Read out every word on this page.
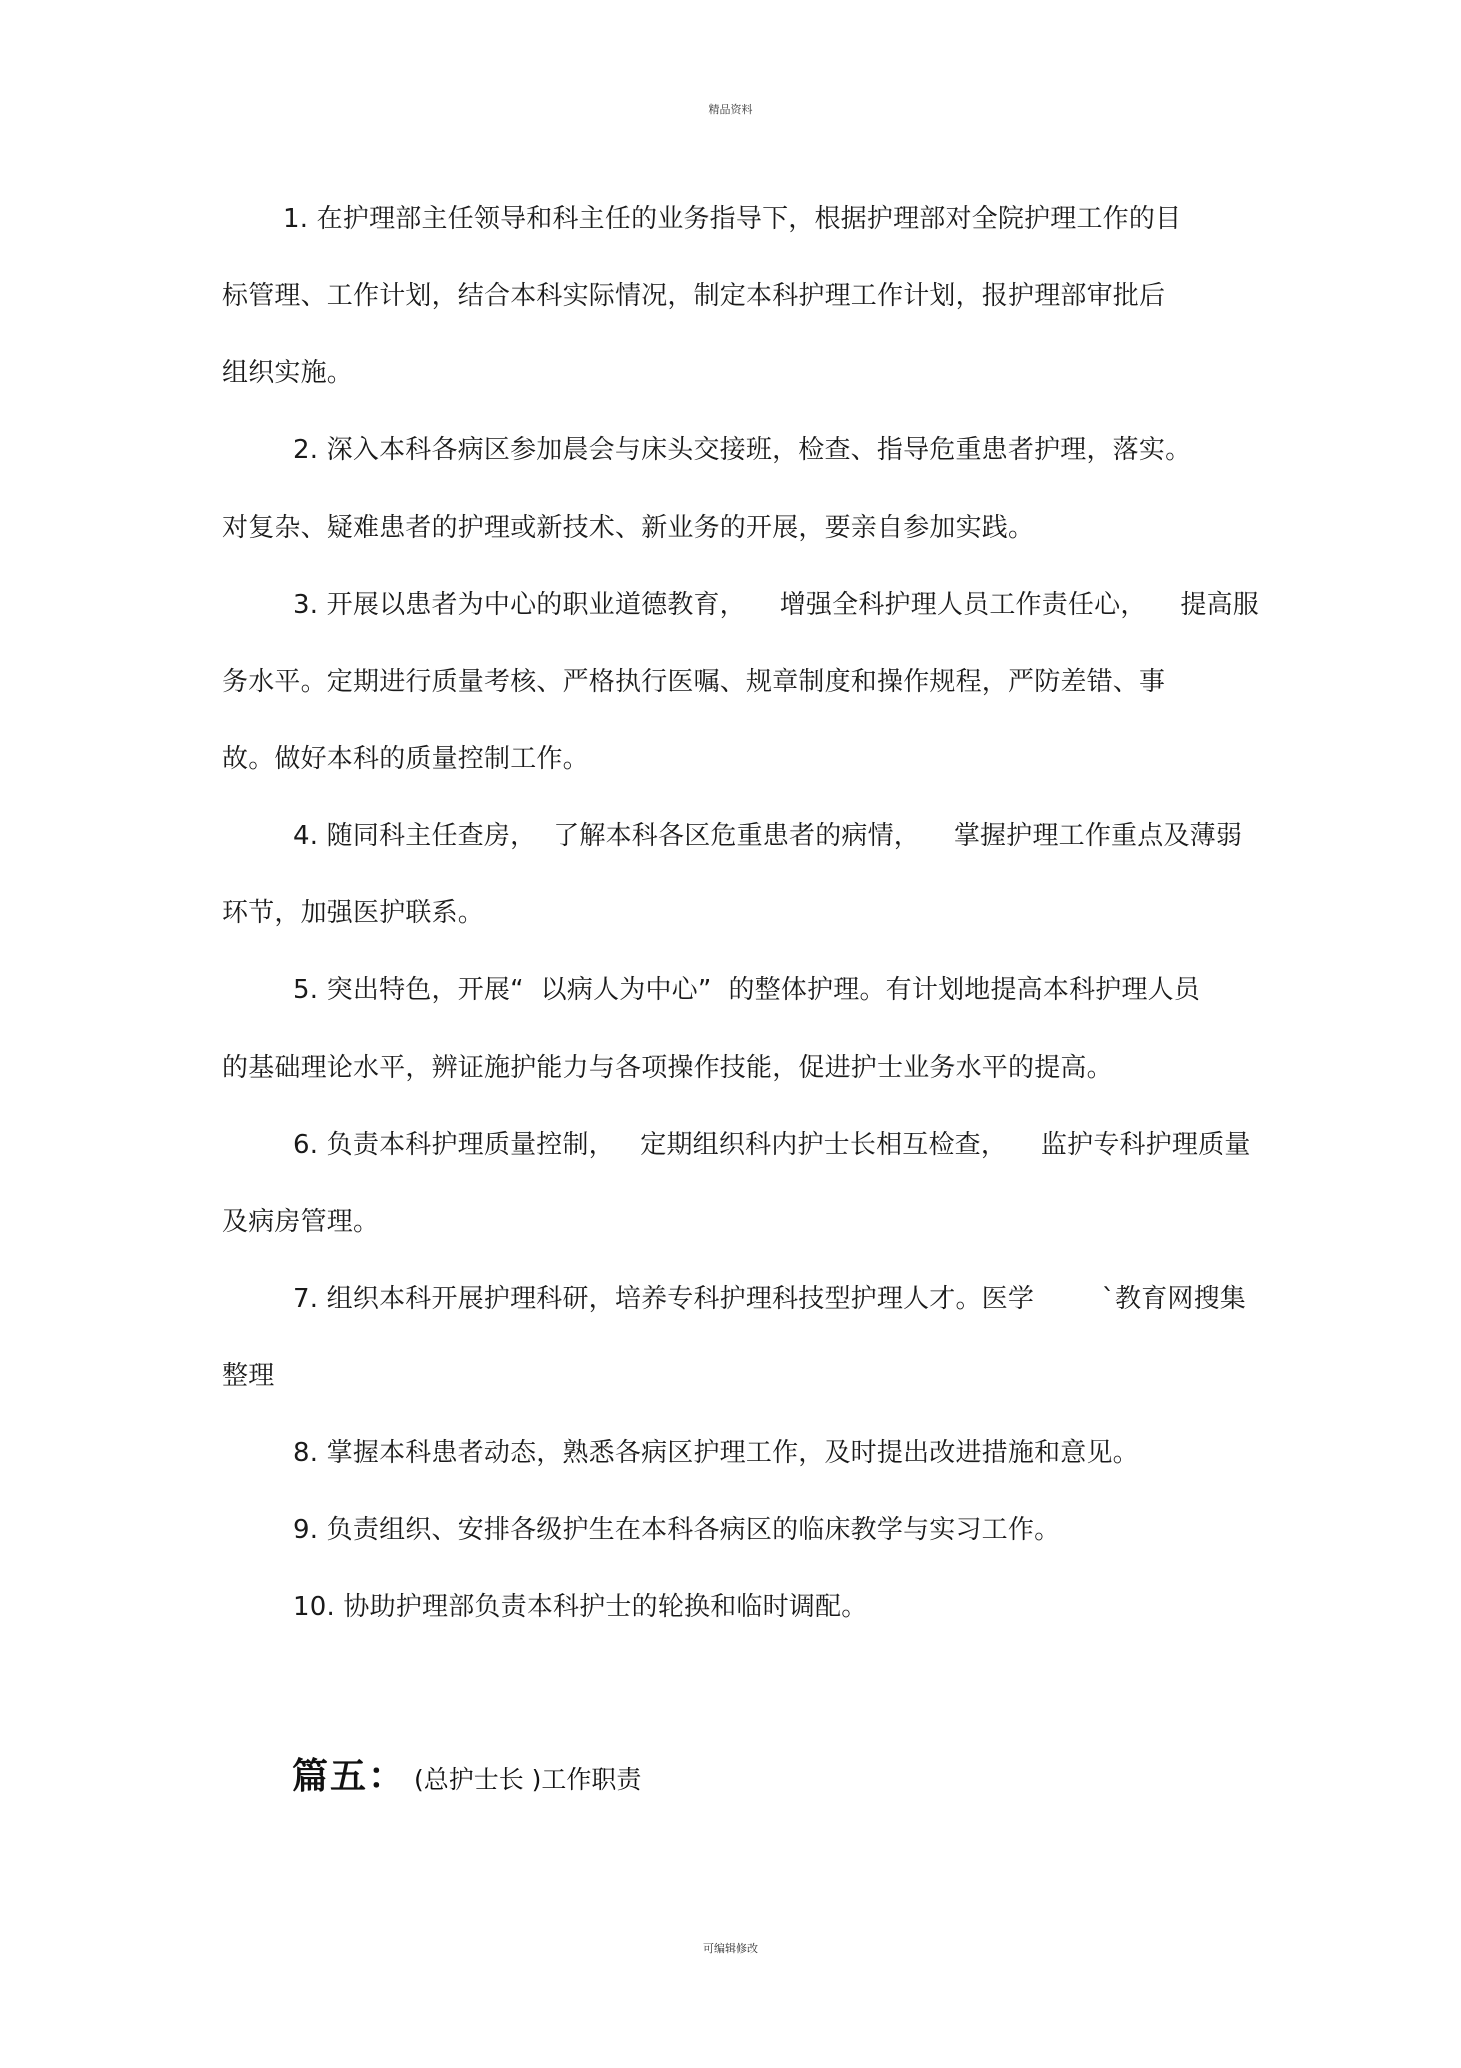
精品资料

1. 在护理部主任领导和科主任的业务指导下，根据护理部对全院护理工作的目

标管理、工作计划，结合本科实际情况，制定本科护理工作计划，报护理部审批后

组织实施。

2. 深入本科各病区参加晨会与床头交接班，检查、指导危重患者护理，落实。

对复杂、疑难患者的护理或新技术、新业务的开展，要亲自参加实践。

3. 开展以患者为中心的职业道德教育，    增强全科护理人员工作责任心，    提高服

务水平。定期进行质量考核、严格执行医嘱、规章制度和操作规程，严防差错、事

故。做好本科的质量控制工作。

4. 随同科主任查房，  了解本科各区危重患者的病情，    掌握护理工作重点及薄弱

环节，加强医护联系。

5. 突出特色，开展“  以病人为中心”  的整体护理。有计划地提高本科护理人员

的基础理论水平，辨证施护能力与各项操作技能，促进护士业务水平的提高。

6. 负责本科护理质量控制，   定期组织科内护士长相互检查，    监护专科护理质量

及病房管理。

7. 组织本科开展护理科研，培养专科护理科技型护理人才。医学        `教育网搜集

整理

8. 掌握本科患者动态，熟悉各病区护理工作，及时提出改进措施和意见。

9. 负责组织、安排各级护生在本科各病区的临床教学与实习工作。

10. 协助护理部负责本科护士的轮换和临时调配。

篇五： (总护士长 )工作职责

可编辑修改
